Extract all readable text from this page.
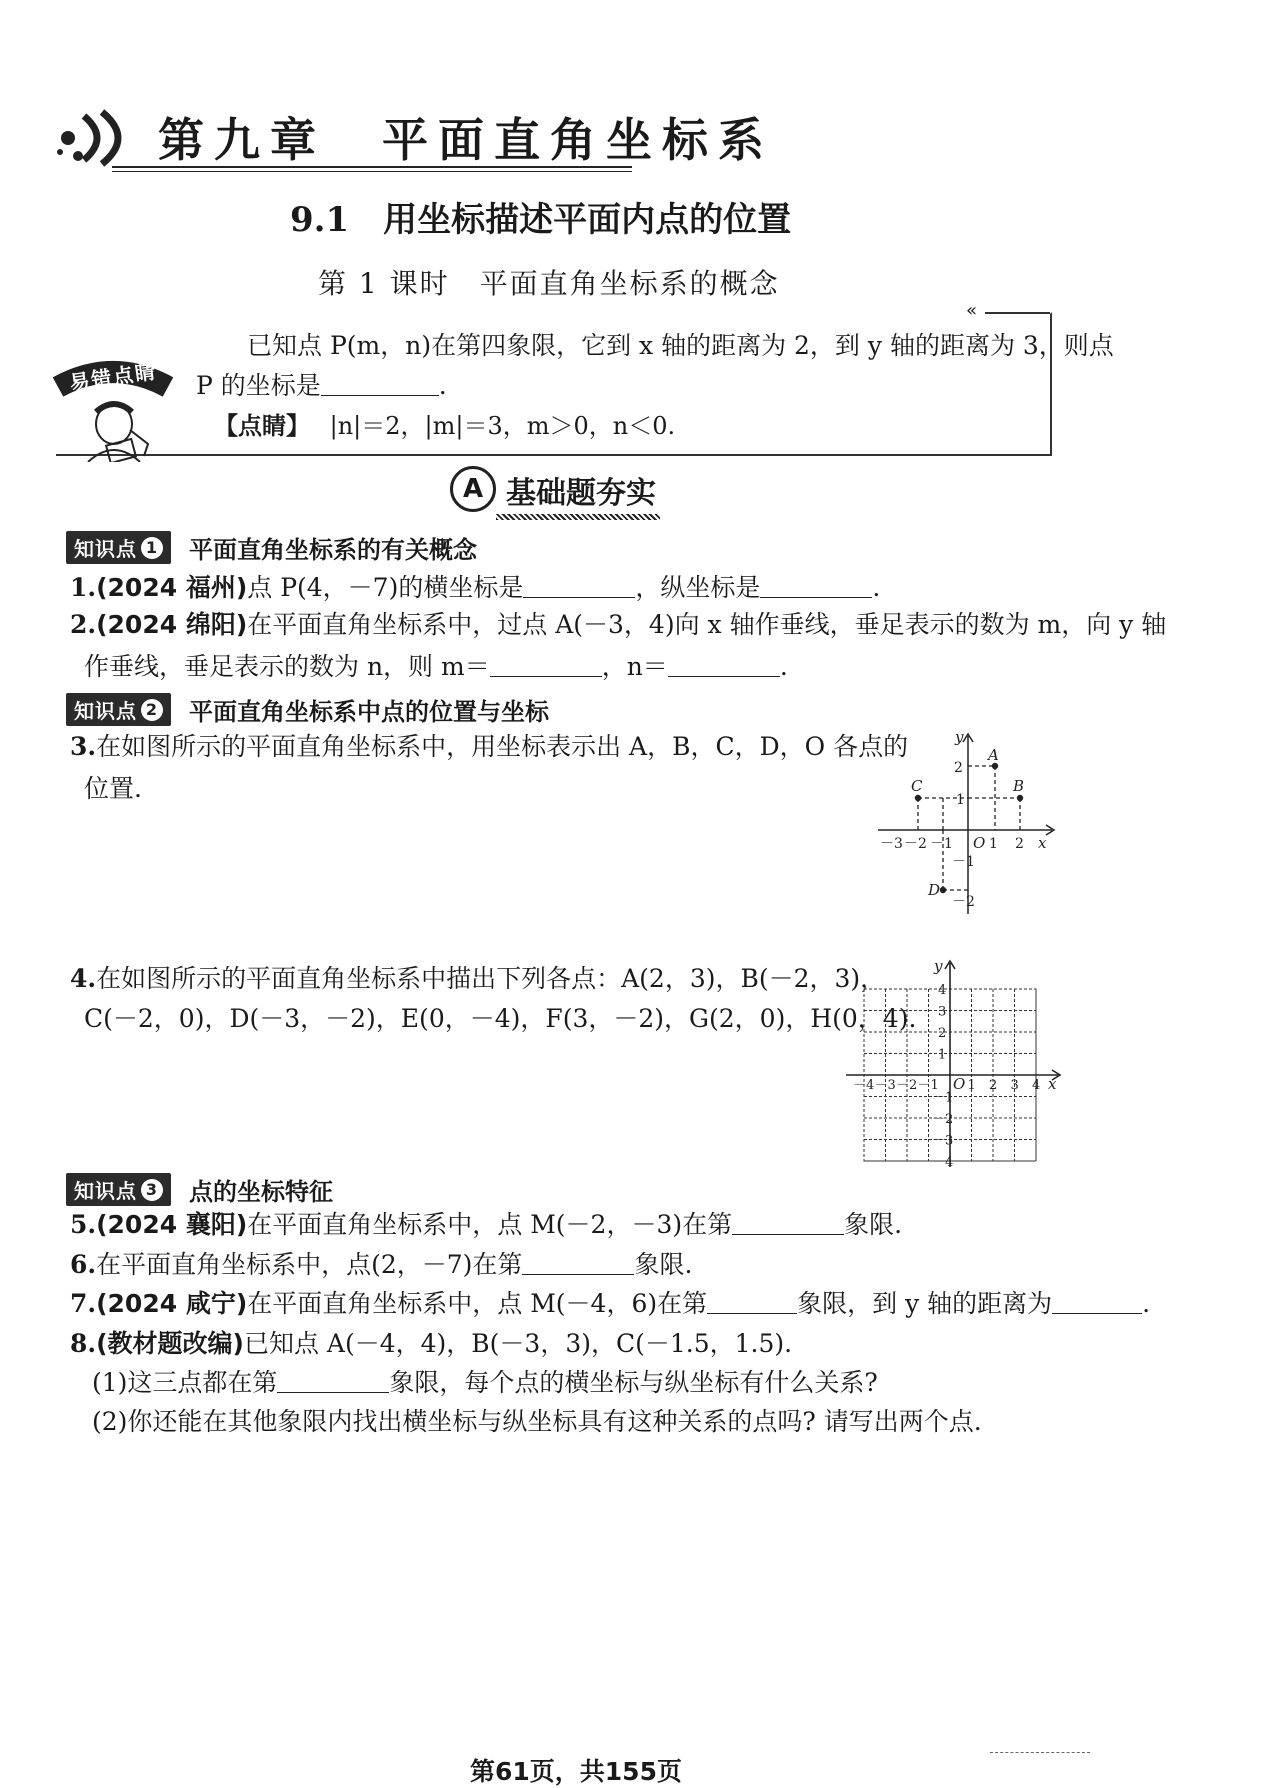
第九章　平面直角坐标系
9.1　用坐标描述平面内点的位置
第 1 课时　平面直角坐标系的概念
«
易错点睛
已知点 P(m，n)在第四象限，它到 x 轴的距离为 2，到 y 轴的距离为 3，则点
P 的坐标是	.
【点睛】 |n|＝2，|m|＝3，m＞0，n＜0.
A 基础题夯实
知识点 1 平面直角坐标系的有关概念
1.(2024 福州)点 P(4，－7)的横坐标是	，纵坐标是	.
2.(2024 绵阳)在平面直角坐标系中，过点 A(－3，4)向 x 轴作垂线，垂足表示的数为 m，向 y 轴
作垂线，垂足表示的数为 n，则 m＝	，n＝	.
知识点 2 平面直角坐标系中点的位置与坐标
3.在如图所示的平面直角坐标系中，用坐标表示出 A，B，C，D，O 各点的
位置.
y
x
A
B
C
D
O
－3 －2 －1	1 2
2
1
－1
－2
4.在如图所示的平面直角坐标系中描出下列各点：A(2，3)，B(－2，3)，
C(－2，0)，D(－3，－2)，E(0，－4)，F(3，－2)，G(2，0)，H(0，4).
y
x
O
－4 －3 －2 －1 1 2 3 4
4
3
2
1
－1
－2
－3
－4
知识点 3 点的坐标特征
5.(2024 襄阳)在平面直角坐标系中，点 M(－2，－3)在第	象限.
6.在平面直角坐标系中，点(2，－7)在第	象限.
7.(2024 咸宁)在平面直角坐标系中，点 M(－4，6)在第	象限，到 y 轴的距离为	.
8.(教材题改编)已知点 A(－4，4)，B(－3，3)，C(－1.5，1.5).
(1)这三点都在第	象限，每个点的横坐标与纵坐标有什么关系?
(2)你还能在其他象限内找出横坐标与纵坐标具有这种关系的点吗? 请写出两个点.
第61页，共155页
